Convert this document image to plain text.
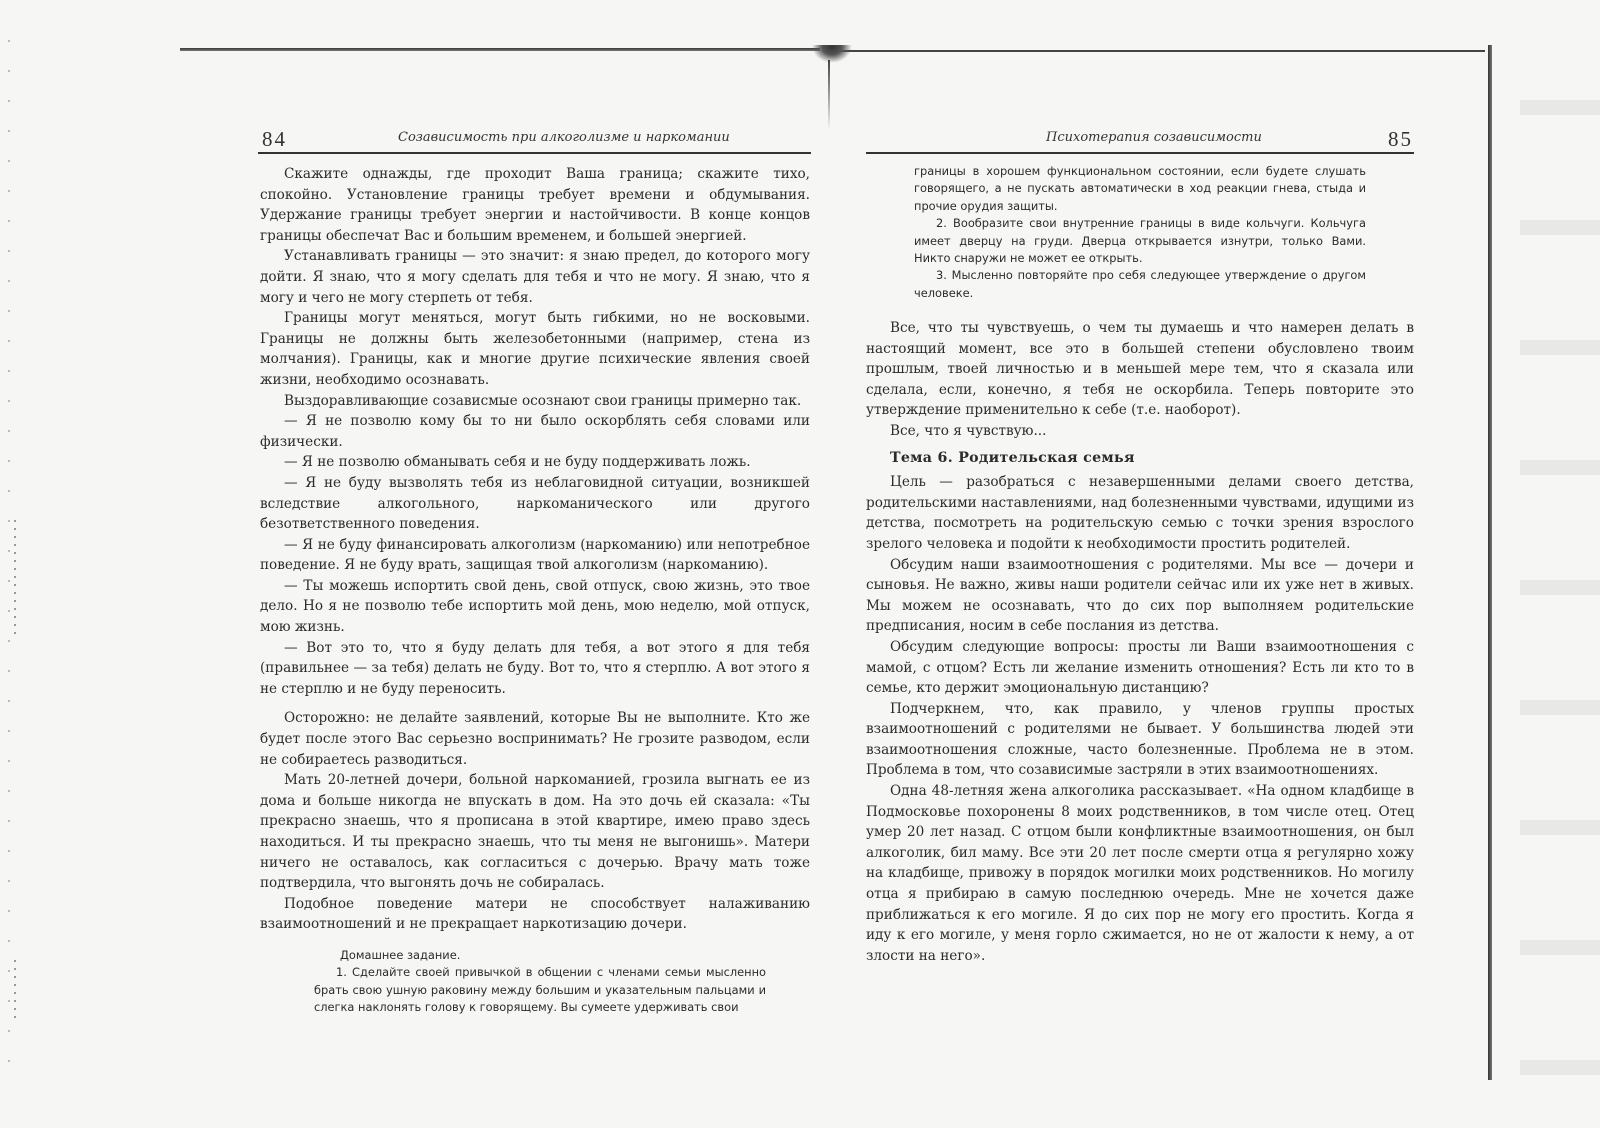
84	Созависимость при алкоголизме и наркомании

Скажите однажды, где проходит Ваша граница; скажите тихо, спокойно. Установление границы требует времени и обдумывания. Удержание границы требует энергии и настойчивости. В конце концов границы обеспечат Вас и большим временем, и большей энергией.

Устанавливать границы — это значит: я знаю предел, до которого могу дойти. Я знаю, что я могу сделать для тебя и что не могу. Я знаю, что я могу и чего не могу стерпеть от тебя.

Границы могут меняться, могут быть гибкими, но не восковыми. Границы не должны быть железобетонными (например, стена из молчания). Границы, как и многие другие психические явления своей жизни, необходимо осознавать.

Выздоравливающие созависмые осознают свои границы примерно так.

— Я не позволю кому бы то ни было оскорблять себя словами или физически.

— Я не позволю обманывать себя и не буду поддерживать ложь.

— Я не буду вызволять тебя из неблаговидной ситуации, возникшей вследствие алкогольного, наркоманического или другого безответственного поведения.

— Я не буду финансировать алкоголизм (наркоманию) или непотребное поведение. Я не буду врать, защищая твой алкоголизм (наркоманию).

— Ты можешь испортить свой день, свой отпуск, свою жизнь, это твое дело. Но я не позволю тебе испортить мой день, мою неделю, мой отпуск, мою жизнь.

— Вот это то, что я буду делать для тебя, а вот этого я для тебя (правильнее — за тебя) делать не буду. Вот то, что я стерплю. А вот этого я не стерплю и не буду переносить.

Осторожно: не делайте заявлений, которые Вы не выполните. Кто же будет после этого Вас серьезно воспринимать? Не грозите разводом, если не собираетесь разводиться.

Мать 20-летней дочери, больной наркоманией, грозила выгнать ее из дома и больше никогда не впускать в дом. На это дочь ей сказала: «Ты прекрасно знаешь, что я прописана в этой квартире, имею право здесь находиться. И ты прекрасно знаешь, что ты меня не выгонишь». Матери ничего не оставалось, как согласиться с дочерью. Врачу мать тоже подтвердила, что выгонять дочь не собиралась.

Подобное поведение матери не способствует налаживанию взаимоотношений и не прекращает наркотизацию дочери.

Домашнее задание.

1. Сделайте своей привычкой в общении с членами семьи мысленно брать свою ушную раковину между большим и указательным пальцами и слегка наклонять голову к говорящему. Вы сумеете удерживать свои

Психотерапия созависимости	85

границы в хорошем функциональном состоянии, если будете слушать говорящего, а не пускать автоматически в ход реакции гнева, стыда и прочие орудия защиты.

2. Вообразите свои внутренние границы в виде кольчуги. Кольчуга имеет дверцу на груди. Дверца открывается изнутри, только Вами. Никто снаружи не может ее открыть.

3. Мысленно повторяйте про себя следующее утверждение о другом человеке.

Все, что ты чувствуешь, о чем ты думаешь и что намерен делать в настоящий момент, все это в большей степени обусловлено твоим прошлым, твоей личностью и в меньшей мере тем, что я сказала или сделала, если, конечно, я тебя не оскорбила. Теперь повторите это утверждение применительно к себе (т.е. наоборот).

Все, что я чувствую...

Тема 6. Родительская семья

Цель — разобраться с незавершенными делами своего детства, родительскими наставлениями, над болезненными чувствами, идущими из детства, посмотреть на родительскую семью с точки зрения взрослого зрелого человека и подойти к необходимости простить родителей.

Обсудим наши взаимоотношения с родителями. Мы все — дочери и сыновья. Не важно, живы наши родители сейчас или их уже нет в живых. Мы можем не осознавать, что до сих пор выполняем родительские предписания, носим в себе послания из детства.

Обсудим следующие вопросы: просты ли Ваши взаимоотношения с мамой, с отцом? Есть ли желание изменить отношения? Есть ли кто то в семье, кто держит эмоциональную дистанцию?

Подчеркнем, что, как правило, у членов группы простых взаимоотношений с родителями не бывает. У большинства людей эти взаимоотношения сложные, часто болезненные. Проблема не в этом. Проблема в том, что созависимые застряли в этих взаимоотношениях.

Одна 48-летняя жена алкоголика рассказывает. «На одном кладбище в Подмосковье похоронены 8 моих родственников, в том числе отец. Отец умер 20 лет назад. С отцом были конфликтные взаимоотношения, он был алкоголик, бил маму. Все эти 20 лет после смерти отца я регулярно хожу на кладбище, привожу в порядок могилки моих родственников. Но могилу отца я прибираю в самую последнюю очередь. Мне не хочется даже приближаться к его могиле. Я до сих пор не могу его простить. Когда я иду к его могиле, у меня горло сжимается, но не от жалости к нему, а от злости на него».
